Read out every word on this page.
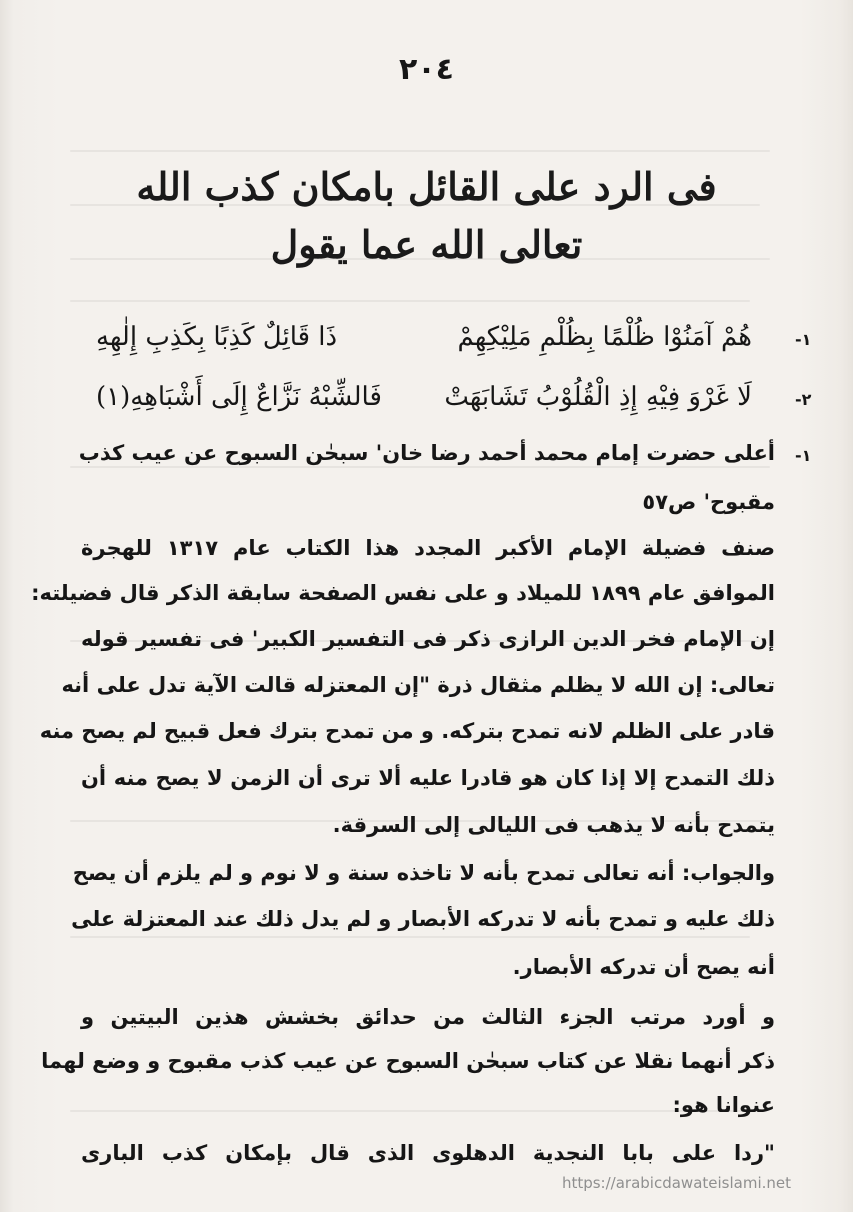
٢٠٤
فى الرد على القائل بامكان كذب الله
تعالى الله عما يقول
١-
هُمْ آمَنُوْا ظُلْمًا بِظُلْمِ مَلِيْكِهِمْ
ذَا قَائِلٌ كَذِبًا بِكَذِبِ إِلٰهِهِ
٢-
لَا غَرْوَ فِيْهِ إِذِ الْقُلُوْبُ تَشَابَهَتْ
فَالشِّبْهُ نَزَّاعٌ إِلَى أَشْبَاهِهِ(١)
١-
أعلى حضرت إمام محمد أحمد رضا خان' سبحٰن السبوح عن عيب كذب
مقبوح' ص٥٧
صنف فضيلة الإمام الأكبر المجدد هذا الكتاب عام ١٣١٧ للهجرة
الموافق عام ١٨٩٩ للميلاد و على نفس الصفحة سابقة الذكر قال فضيلته:
إن الإمام فخر الدين الرازى ذكر فى التفسير الكبير' فى تفسير قوله
تعالى: إن الله لا يظلم مثقال ذرة "إن المعتزله قالت الآية تدل على أنه
قادر على الظلم لانه تمدح بتركه. و من تمدح بترك فعل قبيح لم يصح منه
ذلك التمدح إلا إذا كان هو قادرا عليه ألا ترى أن الزمن لا يصح منه أن
يتمدح بأنه لا يذهب فى الليالى إلى السرقة.
والجواب: أنه تعالى تمدح بأنه لا تاخذه سنة و لا نوم و لم يلزم أن يصح
ذلك عليه و تمدح بأنه لا تدركه الأبصار و لم يدل ذلك عند المعتزلة على
أنه يصح أن تدركه الأبصار.
و أورد مرتب الجزء الثالث من حدائق بخشش هذين البيتين و
ذكر أنهما نقلا عن كتاب سبحٰن السبوح عن عيب كذب مقبوح و وضع لهما
عنوانا هو:
"ردا على بابا النجدية الدهلوى الذى قال بإمكان كذب البارى
https://arabicdawateislami.net
